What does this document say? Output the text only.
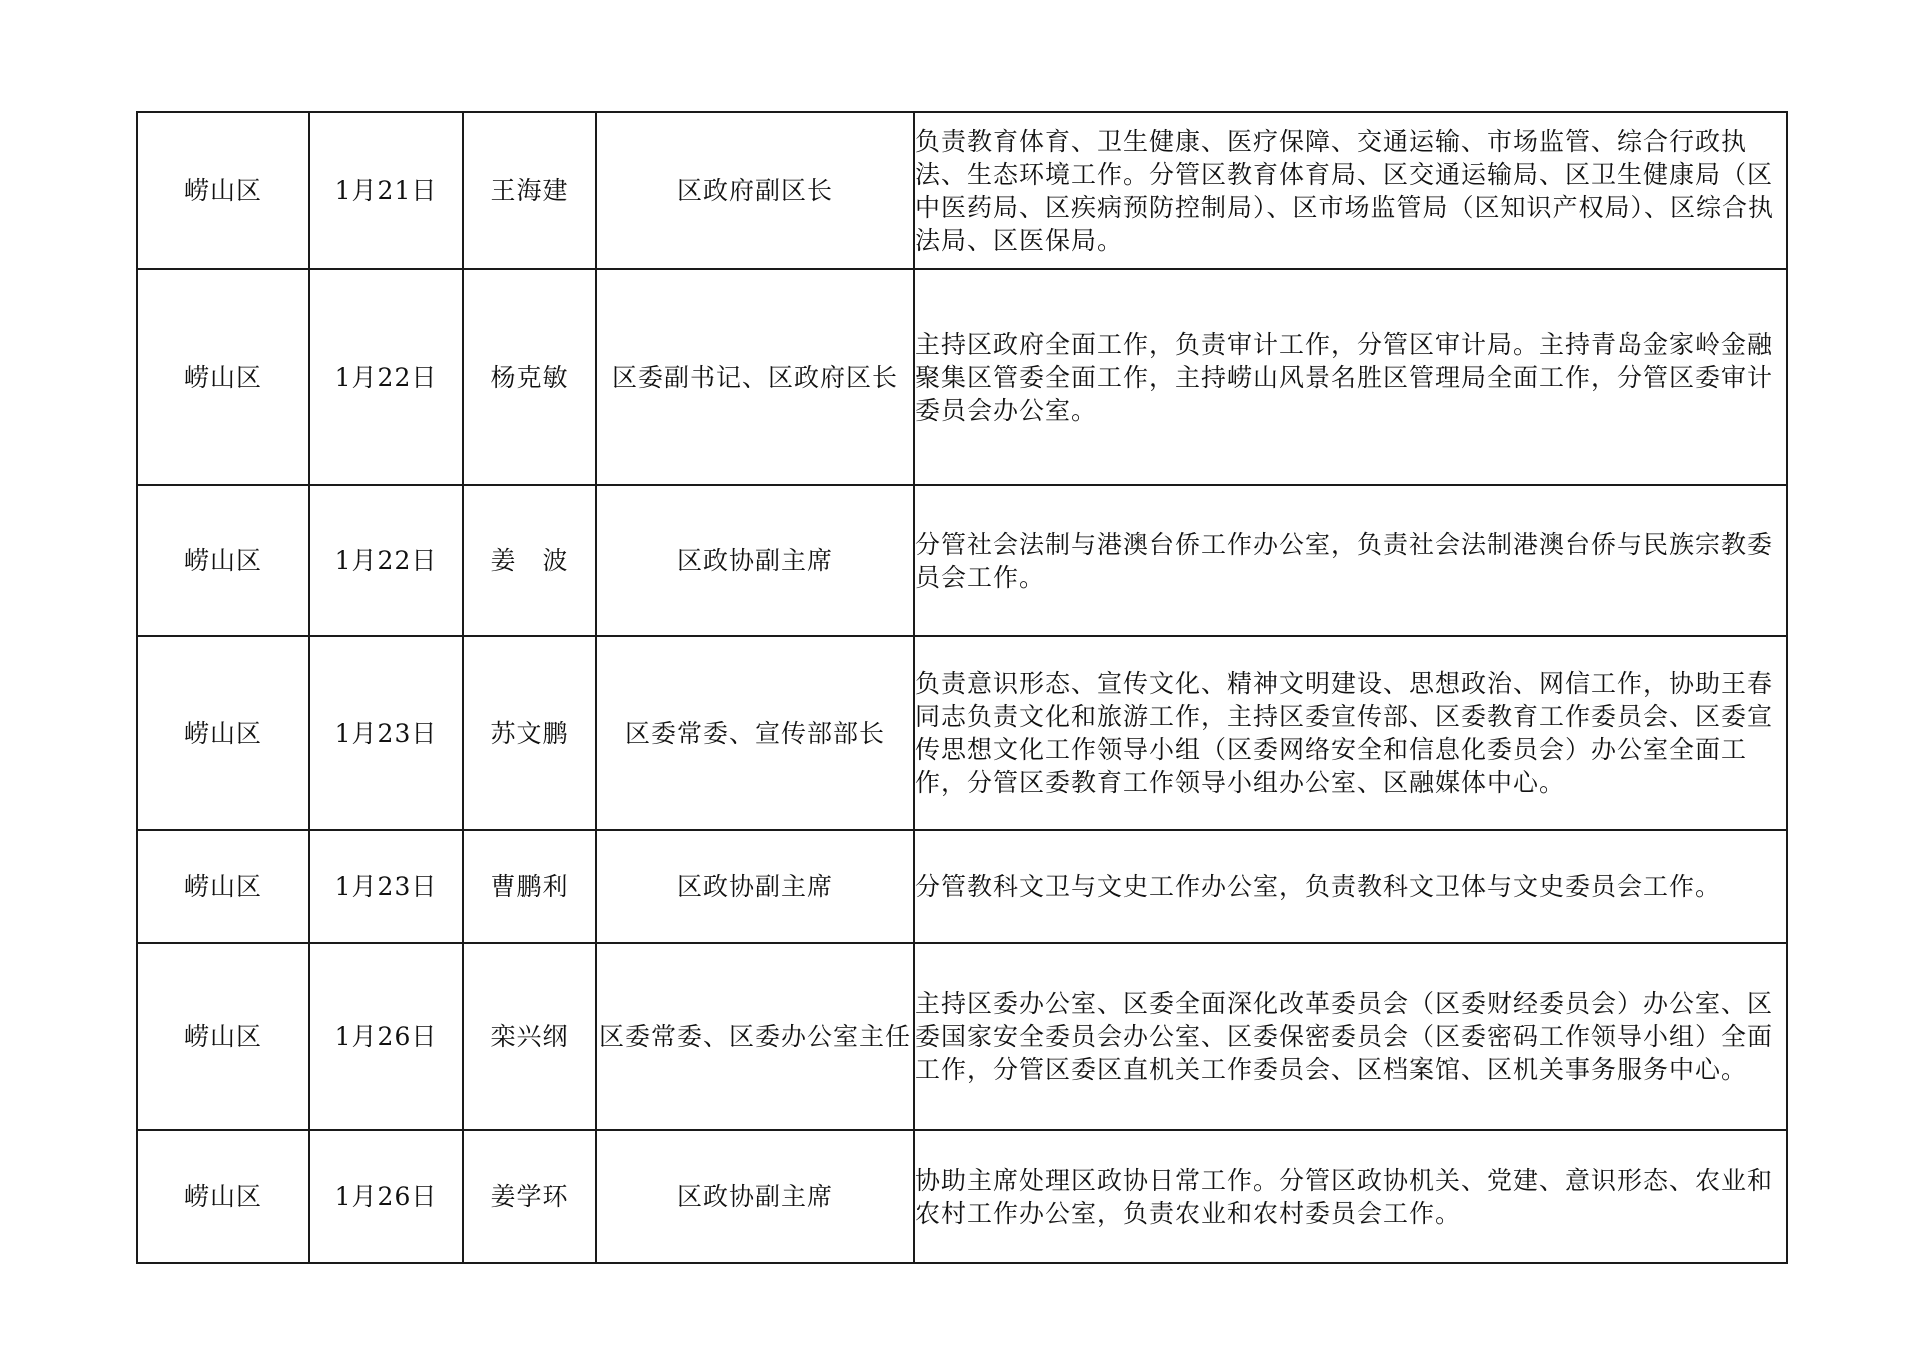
崂山区	1月21日	王海建	区政府副区长	负责教育体育、卫生健康、医疗保障、交通运输、市场监管、综合行政执法、生态环境工作。分管区教育体育局、区交通运输局、区卫生健康局（区中医药局、区疾病预防控制局）、区市场监管局（区知识产权局）、区综合执法局、区医保局。
崂山区	1月22日	杨克敏	区委副书记、区政府区长	主持区政府全面工作，负责审计工作，分管区审计局。主持青岛金家岭金融聚集区管委全面工作，主持崂山风景名胜区管理局全面工作，分管区委审计委员会办公室。
崂山区	1月22日	姜　波	区政协副主席	分管社会法制与港澳台侨工作办公室，负责社会法制港澳台侨与民族宗教委员会工作。
崂山区	1月23日	苏文鹏	区委常委、宣传部部长	负责意识形态、宣传文化、精神文明建设、思想政治、网信工作，协助王春同志负责文化和旅游工作，主持区委宣传部、区委教育工作委员会、区委宣传思想文化工作领导小组（区委网络安全和信息化委员会）办公室全面工作，分管区委教育工作领导小组办公室、区融媒体中心。
崂山区	1月23日	曹鹏利	区政协副主席	分管教科文卫与文史工作办公室，负责教科文卫体与文史委员会工作。
崂山区	1月26日	栾兴纲	区委常委、区委办公室主任	主持区委办公室、区委全面深化改革委员会（区委财经委员会）办公室、区委国家安全委员会办公室、区委保密委员会（区委密码工作领导小组）全面工作，分管区委区直机关工作委员会、区档案馆、区机关事务服务中心。
崂山区	1月26日	姜学环	区政协副主席	协助主席处理区政协日常工作。分管区政协机关、党建、意识形态、农业和农村工作办公室，负责农业和农村委员会工作。
